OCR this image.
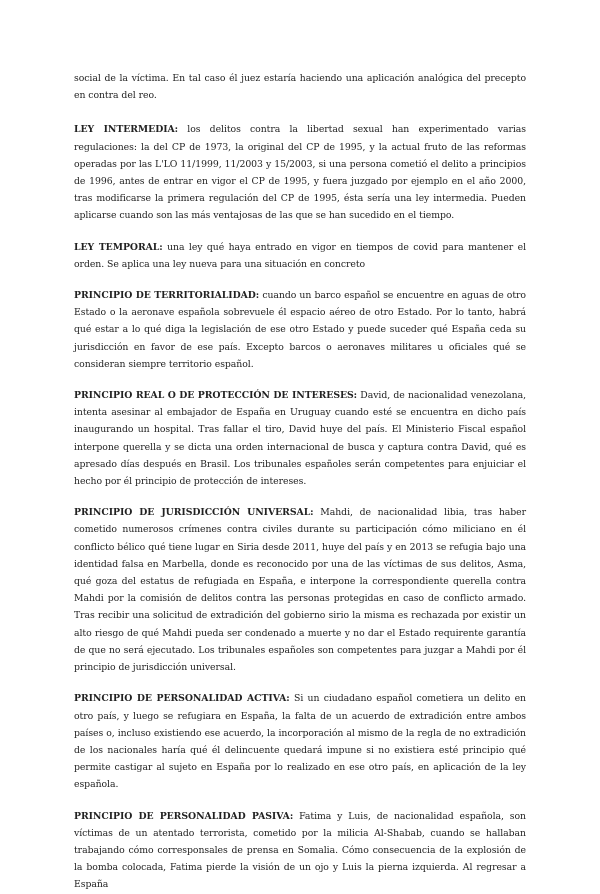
social de la víctima. En tal caso él juez estaría haciendo una aplicación analógica del precepto en contra del reo.

LEY INTERMEDIA: los delitos contra la libertad sexual han experimentado varias regulaciones: la del CP de 1973, la original del CP de 1995, y la actual fruto de las reformas operadas por las L'LO 11/1999, 11/2003 y 15/2003, si una persona cometió el delito a principios de 1996, antes de entrar en vigor el CP de 1995, y fuera juzgado por ejemplo en el año 2000, tras modificarse la primera regulación del CP de 1995, ésta sería una ley intermedia. Pueden aplicarse cuando son las más ventajosas de las que se han sucedido en el tiempo.

LEY TEMPORAL: una ley qué haya entrado en vigor en tiempos de covid para mantener el orden. Se aplica una ley nueva para una situación en concreto

PRINCIPIO DE TERRITORIALIDAD: cuando un barco español se encuentre en aguas de otro Estado o la aeronave española sobrevuele él espacio aéreo de otro Estado. Por lo tanto, habrá qué estar a lo qué diga la legislación de ese otro Estado y puede suceder qué España ceda su jurisdicción en favor de ese país. Excepto barcos o aeronaves militares u oficiales qué se consideran siempre territorio español.

PRINCIPIO REAL O DE PROTECCIÓN DE INTERESES: David, de nacionalidad venezolana, intenta asesinar al embajador de España en Uruguay cuando esté se encuentra en dicho país inaugurando un hospital. Tras fallar el tiro, David huye del país. El Ministerio Fiscal español interpone querella y se dicta una orden internacional de busca y captura contra David, qué es apresado días después en Brasil. Los tribunales españoles serán competentes para enjuiciar el hecho por él principio de protección de intereses.

PRINCIPIO DE JURISDICCIÓN UNIVERSAL: Mahdi, de nacionalidad libia, tras haber cometido numerosos crímenes contra civiles durante su participación cómo miliciano en él conflicto bélico qué tiene lugar en Siria desde 2011, huye del país y en 2013 se refugia bajo una identidad falsa en Marbella, donde es reconocido por una de las víctimas de sus delitos, Asma, qué goza del estatus de refugiada en España, e interpone la correspondiente querella contra Mahdi por la comisión de delitos contra las personas protegidas en caso de conflicto armado. Tras recibir una solicitud de extradición del gobierno sirio la misma es rechazada por existir un alto riesgo de qué Mahdi pueda ser condenado a muerte y no dar el Estado requirente garantía de que no será ejecutado. Los tribunales españoles son competentes para juzgar a Mahdi por él principio de jurisdicción universal.

PRINCIPIO DE PERSONALIDAD ACTIVA: Si un ciudadano español cometiera un delito en otro país, y luego se refugiara en España, la falta de un acuerdo de extradición entre ambos países o, incluso existiendo ese acuerdo, la incorporación al mismo de la regla de no extradición de los nacionales haría qué él delincuente quedará impune si no existiera esté principio qué permite castigar al sujeto en España por lo realizado en ese otro país, en aplicación de la ley española.

PRINCIPIO DE PERSONALIDAD PASIVA: Fatima y Luis, de nacionalidad española, son víctimas de un atentado terrorista, cometido por la milicia Al-Shabab, cuando se hallaban trabajando cómo corresponsales de prensa en Somalia. Cómo consecuencia de la explosión de la bomba colocada, Fatima pierde la visión de un ojo y Luis la pierna izquierda. Al regresar a España
